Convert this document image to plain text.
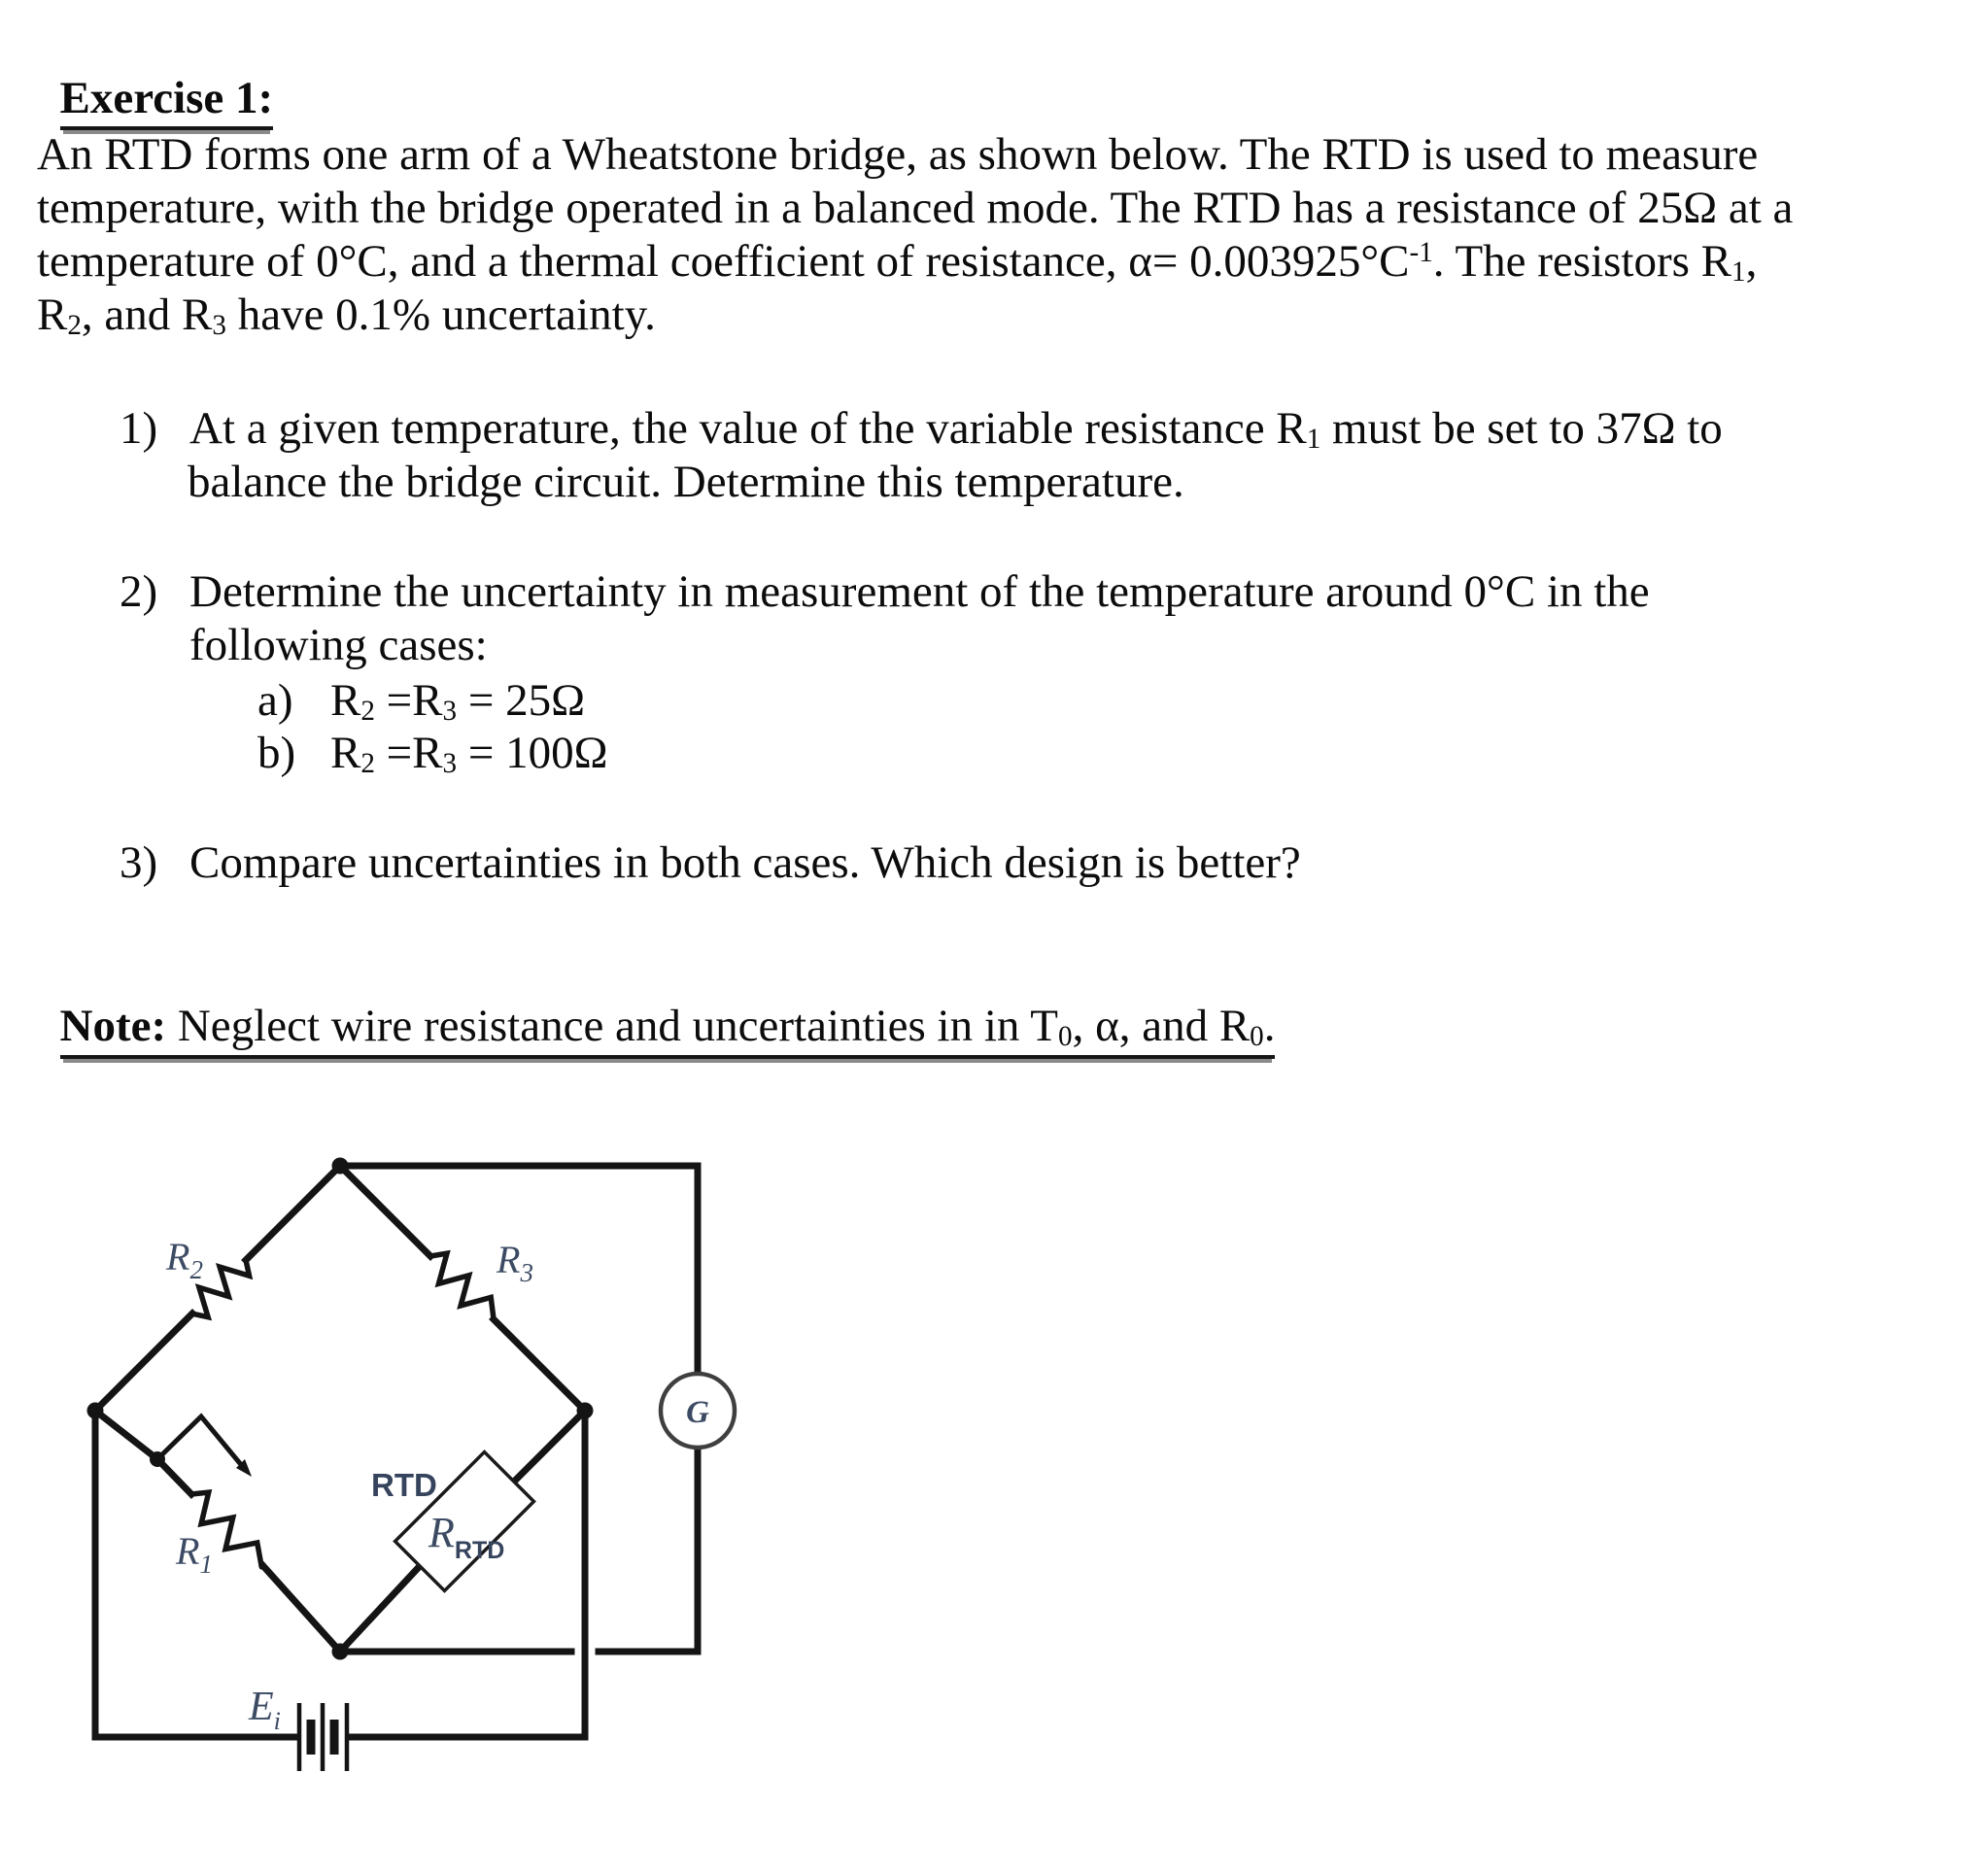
Exercise 1:

An RTD forms one arm of a Wheatstone bridge, as shown below. The RTD is used to measure
temperature, with the bridge operated in a balanced mode. The RTD has a resistance of 25Ω at a
temperature of 0°C, and a thermal coefficient of resistance, $\alpha= 0.003925^\circ C^{-1}$. The resistors $R_1$,
$R_2$, and $R_3$ have 0.1% uncertainty.
1) At a given temperature, the value of the variable resistance $R_1$ must be set to 37Ω to
balance the bridge circuit. Determine this temperature.
2) Determine the uncertainty in measurement of the temperature around 0°C in the
following cases:
a) $R_2 =R_3 = 25\Omega$
b) $R_2 =R_3 = 100\Omega$
3) Compare uncertainties in both cases. Which design is better?

Note: Neglect wire resistance and uncertainties in in $T_0$, α, and $R_0$.

$R_2$	$R_3$
$R_1$
RTD
$R_{RTD}$
G
$E_i$
